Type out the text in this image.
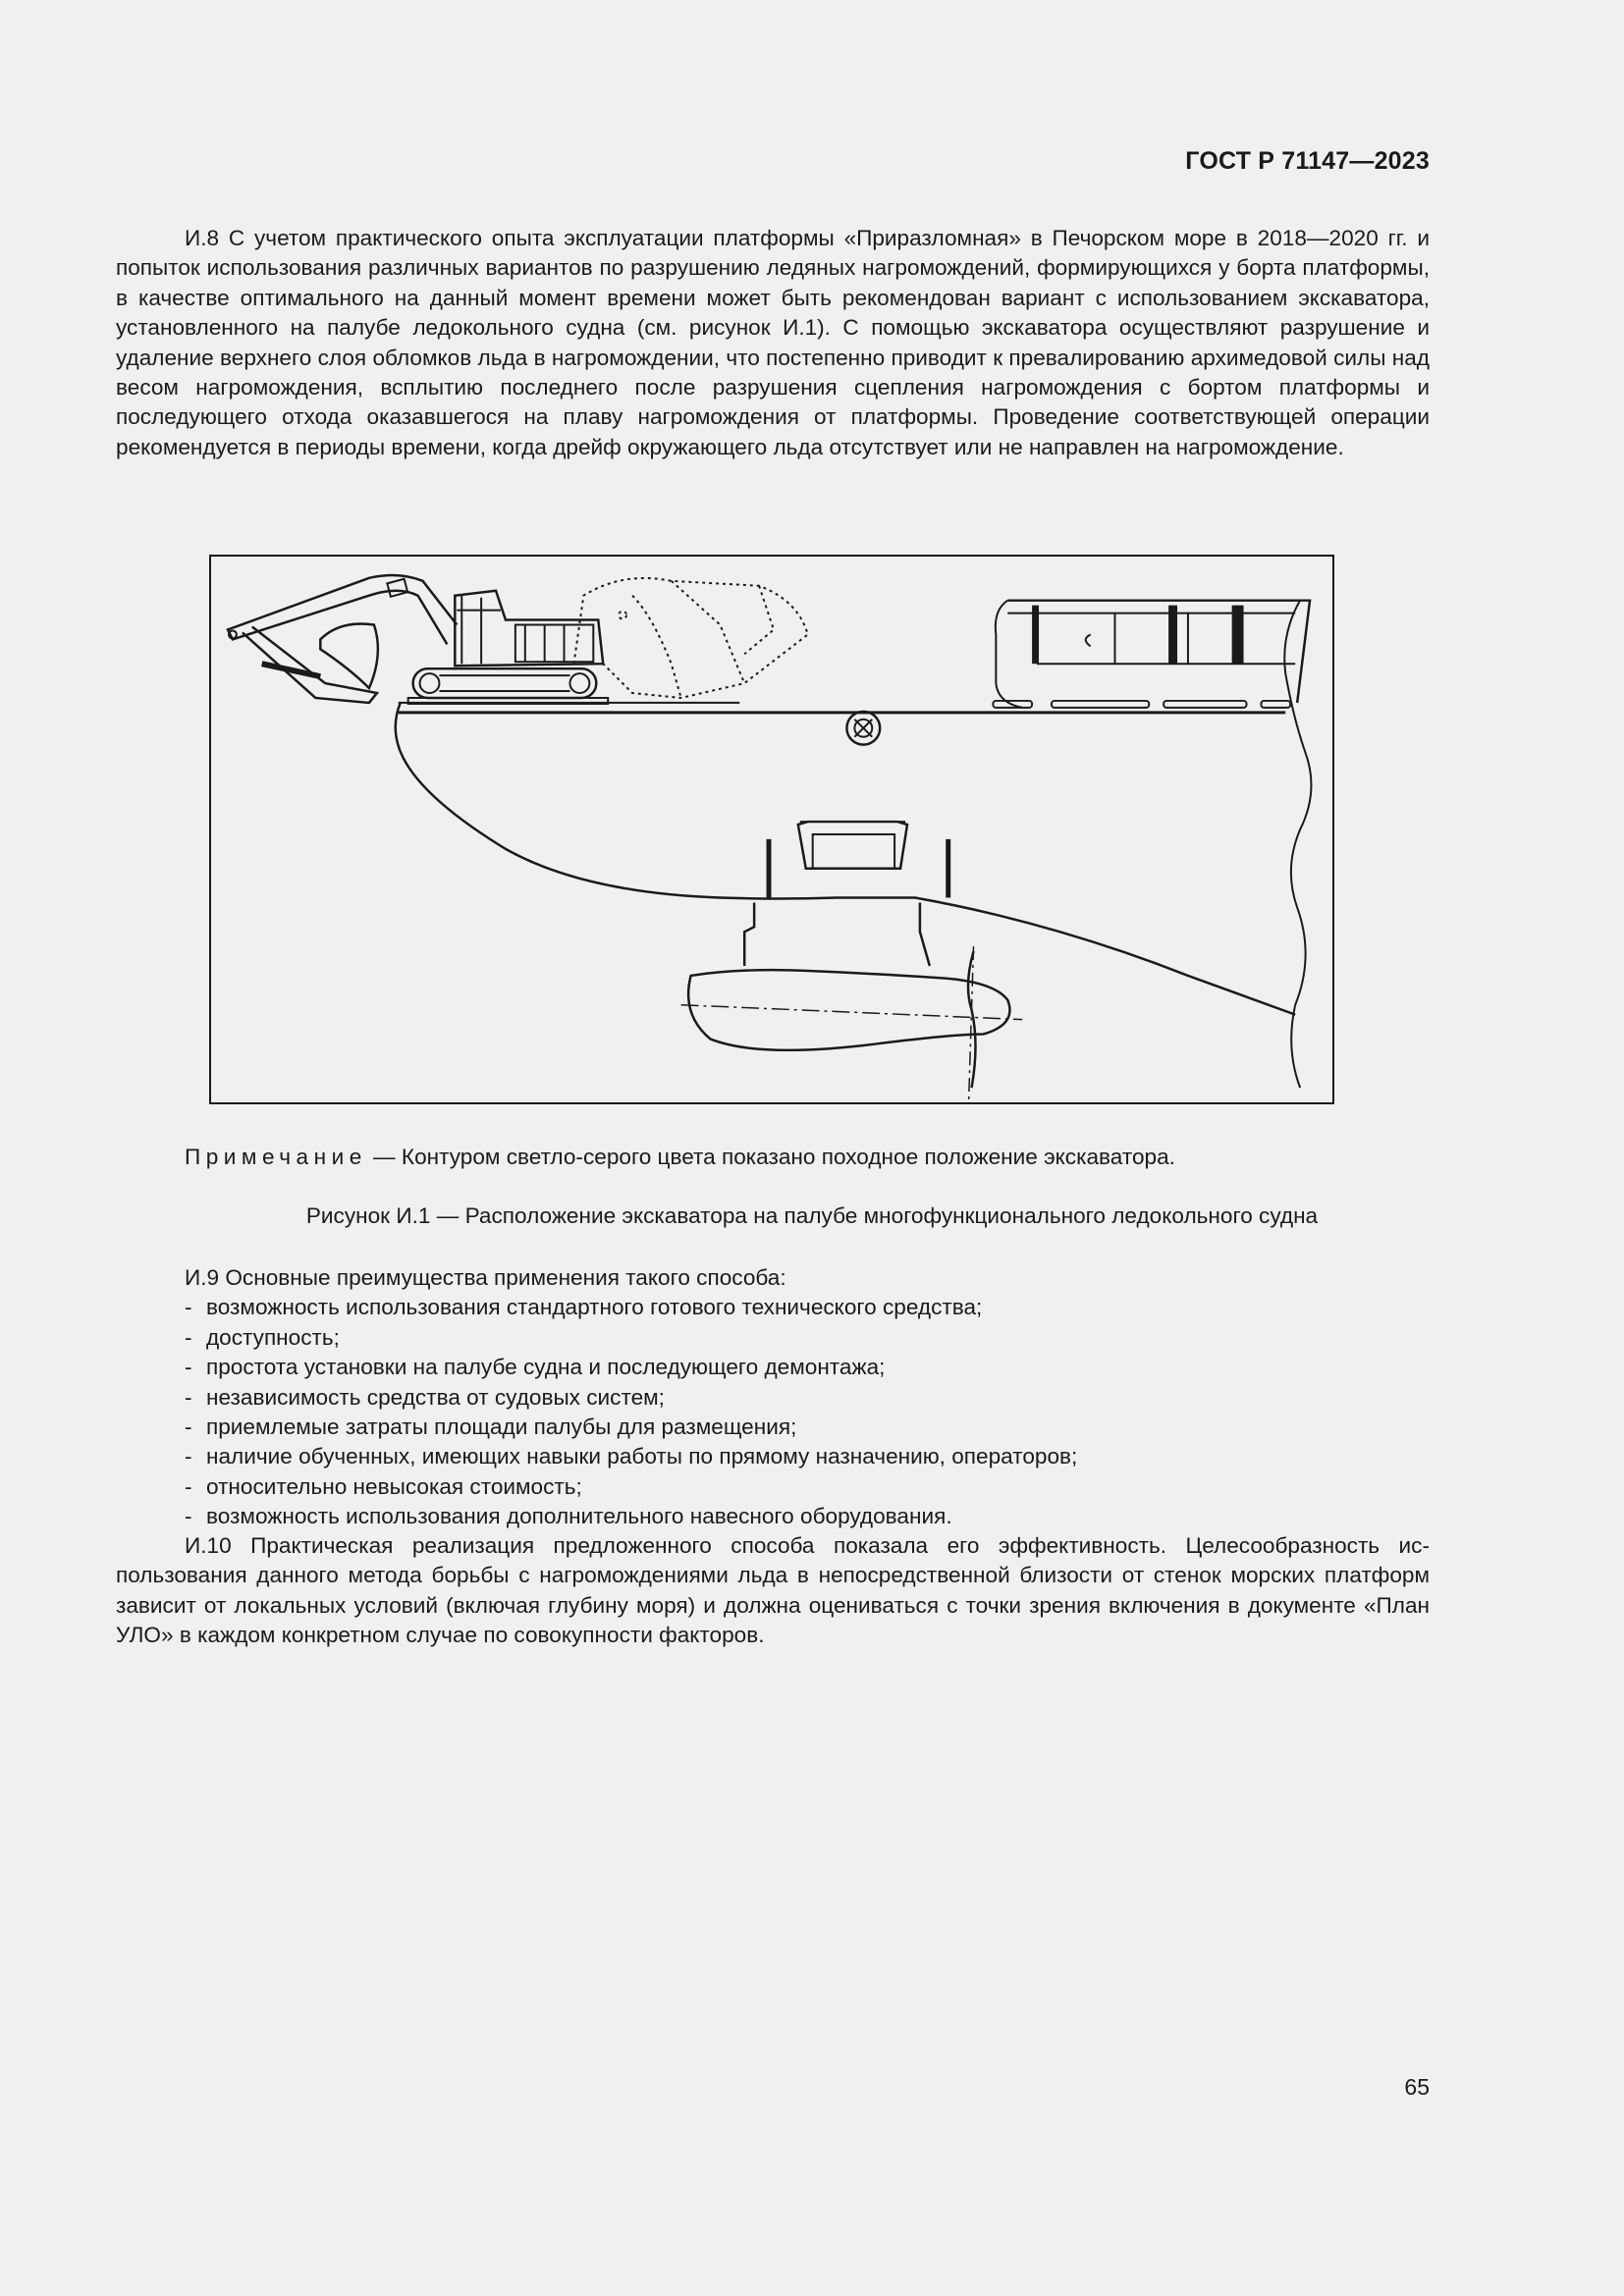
ГОСТ Р 71147—2023
И.8 С учетом практического опыта эксплуатации платформы «Приразломная» в Печорском море в 2018—2020 гг. и попыток использования различных вариантов по разрушению ледяных нагромождений, формирующихся у борта платформы, в качестве оптимального на данный момент времени может быть рекомендован вариант с использованием экскаватора, установленного на палубе ледокольного судна (см. рисунок И.1). С помощью экскаватора осуществляют разрушение и удаление верхнего слоя обломков льда в нагромождении, что постепенно приводит к превалированию архимедовой силы над весом нагромождения, всплытию последнего после разрушения сцепления нагромождения с бортом платформы и последующего отхода оказавшегося на плаву нагромождения от платформы. Проведение соответствующей операции рекомендуется в периоды времени, когда дрейф окружающего льда отсутствует или не направлен на нагромождение.
Примечание — Контуром светло-серого цвета показано походное положение экскаватора.
Рисунок И.1 — Расположение экскаватора на палубе многофункционального ледокольного судна
И.9 Основные преимущества применения такого способа:
- возможность использования стандартного готового технического средства;
- доступность;
- простота установки на палубе судна и последующего демонтажа;
- независимость средства от судовых систем;
- приемлемые затраты площади палубы для размещения;
- наличие обученных, имеющих навыки работы по прямому назначению, операторов;
- относительно невысокая стоимость;
- возможность использования дополнительного навесного оборудования.
И.10 Практическая реализация предложенного способа показала его эффективность. Целесообразность использования данного метода борьбы с нагромождениями льда в непосредственной близости от стенок морских платформ зависит от локальных условий (включая глубину моря) и должна оцениваться с точки зрения включения в документе «План УЛО» в каждом конкретном случае по совокупности факторов.
65
